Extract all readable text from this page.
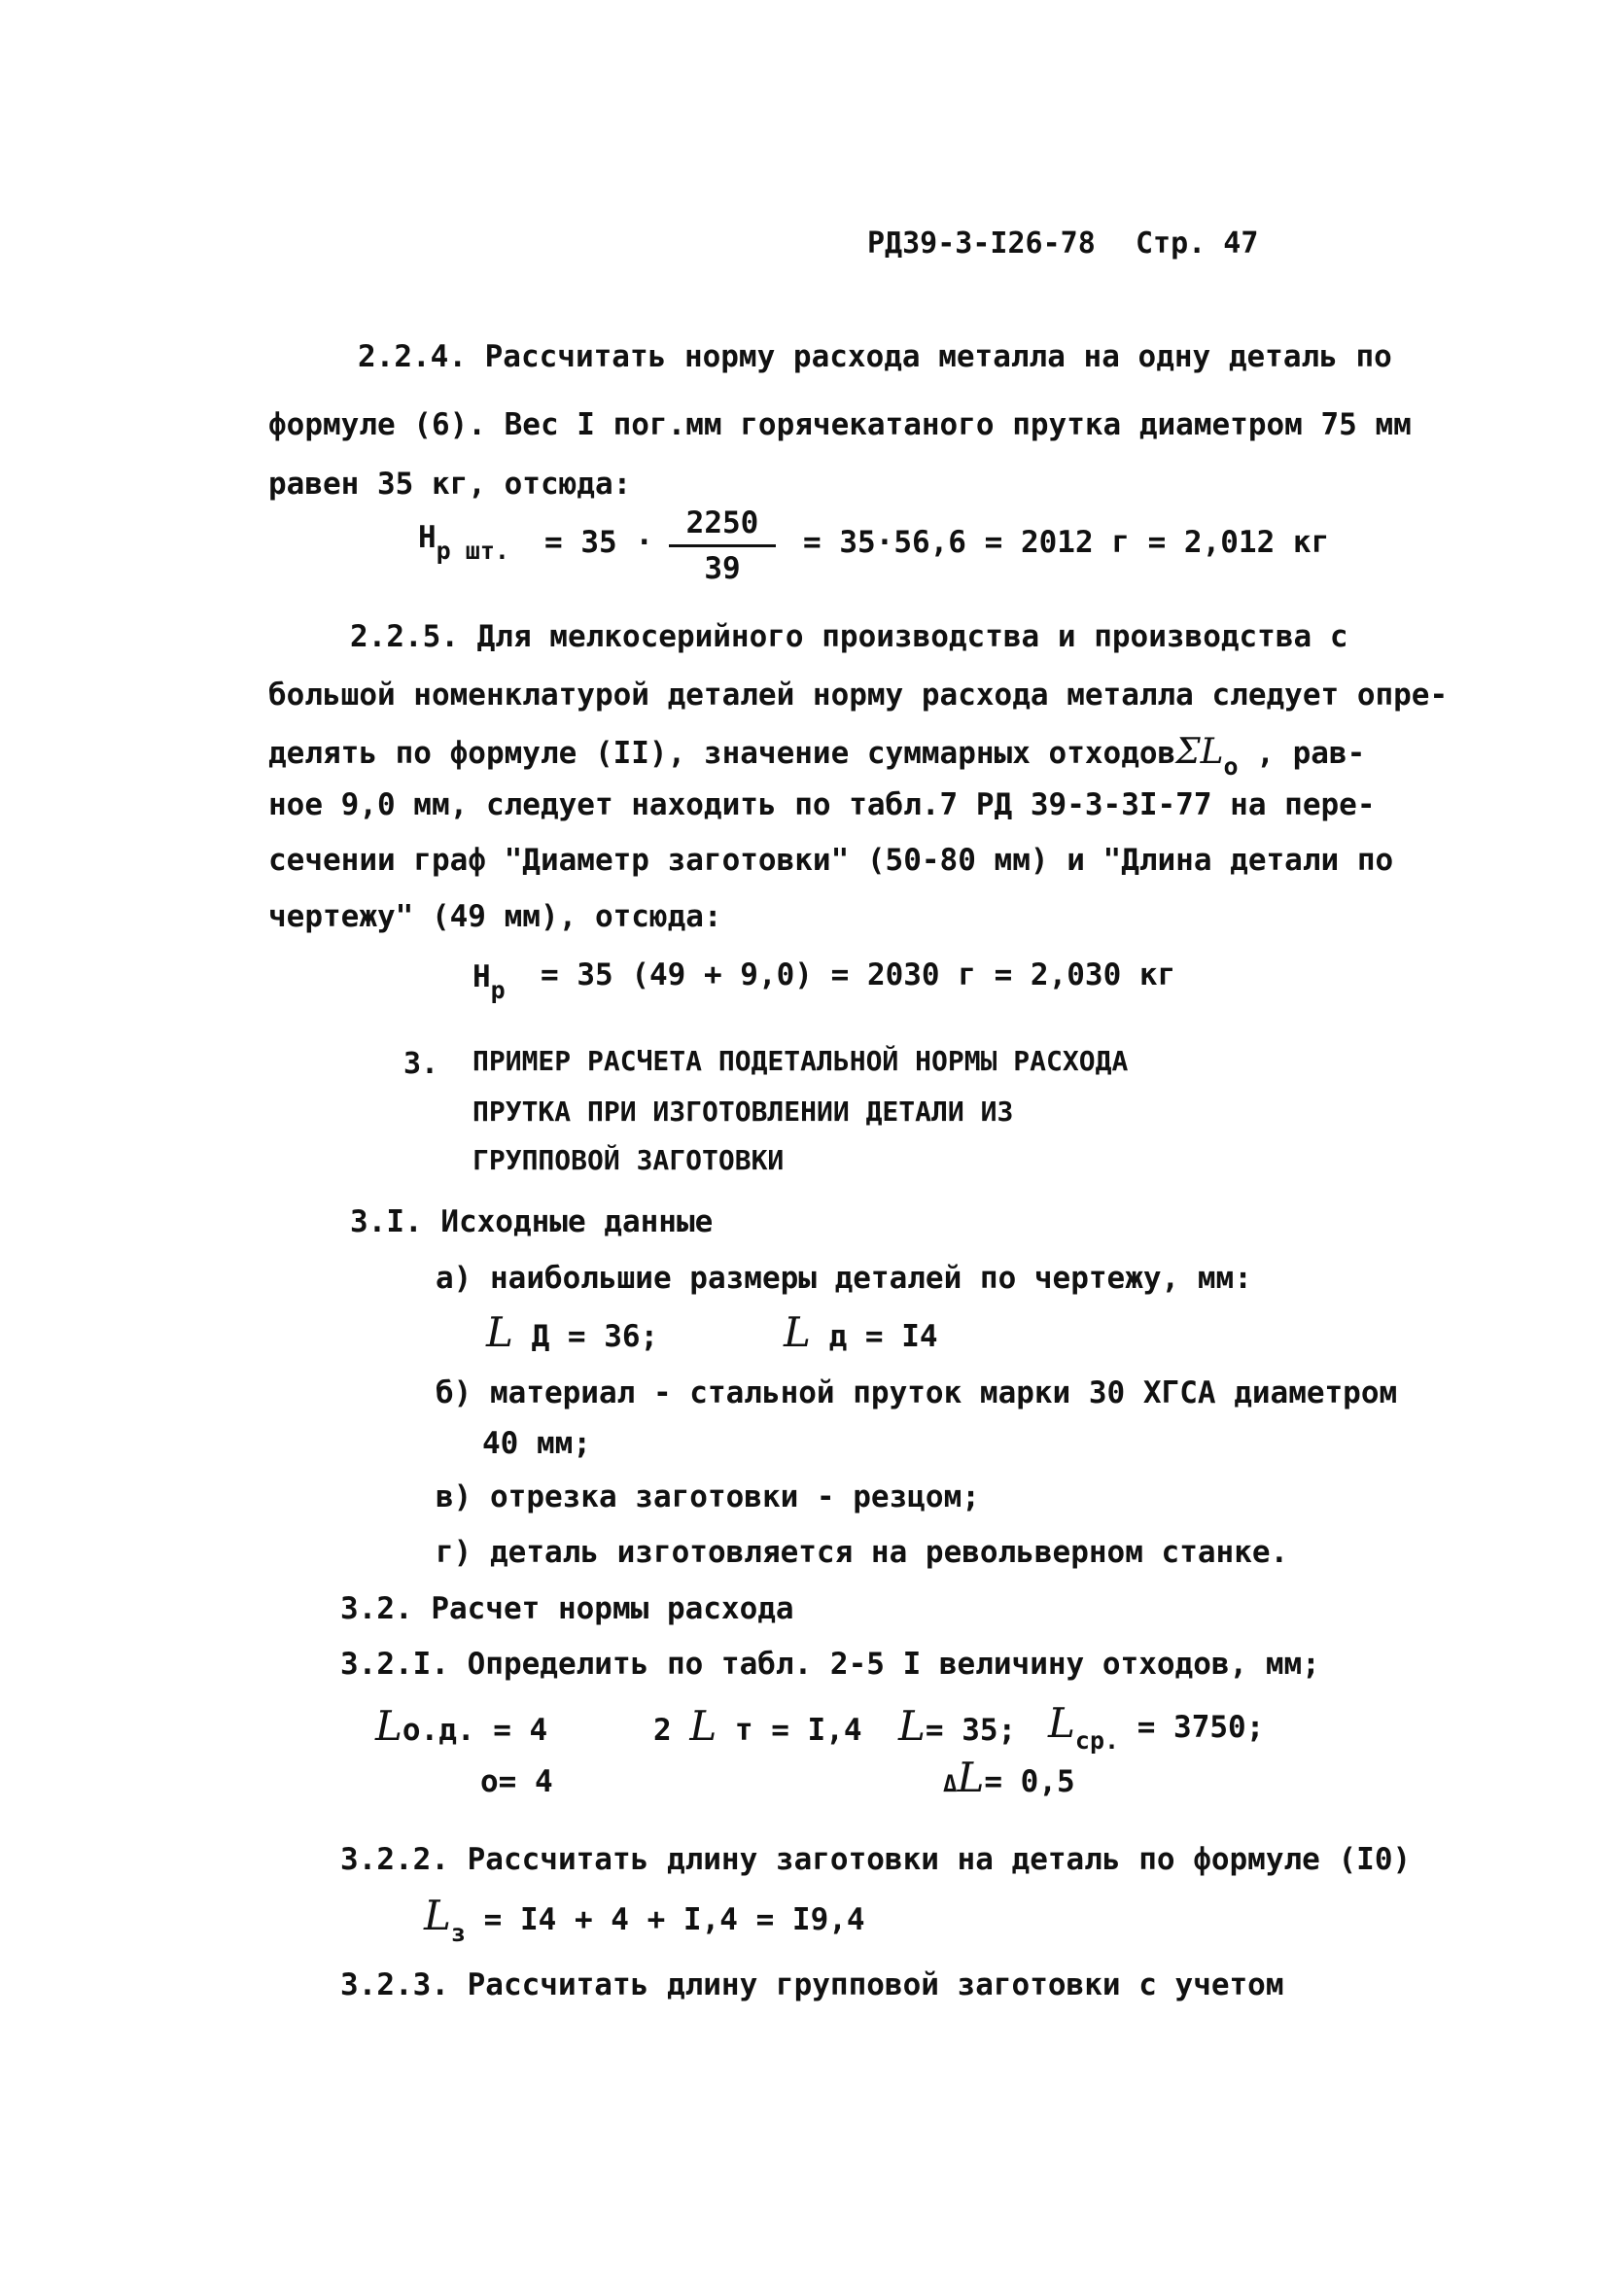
РД39-3-I26-78 Стр. 47
2.2.4. Рассчитать норму расхода металла на одну деталь по
формуле (6). Вес I пог.мм горячекатаного прутка диаметром 75 мм
равен 35 кг, отсюда:
$Н_{р шт.} = 35$ ·
2250
39
= 35·56,6 = 2012 г = 2,012 кг
2.2.5. Для мелкосерийного производства и производства с
большой номенклатурой деталей норму расхода металла следует опре-
делять по формуле (II), значение суммарных отходовΣL$_о$ , рав-
ное 9,0 мм, следует находить по табл.7 РД 39-3-3I-77 на пере-
сечении граф "Диаметр заготовки" (50-80 мм) и "Длина детали по
чертежу" (49 мм), отсюда:
$Н_р = 35$ (49 + 9,0) = 2030 г = 2,030 кг
3. ПРИМЕР РАСЧЕТА ПОДЕТАЛЬНОЙ НОРМЫ РАСХОДА
ПРУТКА ПРИ ИЗГОТОВЛЕНИИ ДЕТАЛИ ИЗ
ГРУППОВОЙ ЗАГОТОВКИ
3.I. Исходные данные
а) наибольшие размеры деталей по чертежу, мм:
L Д = 36;	L д = I4
б) материал - стальной пруток марки 30 ХГСА диаметром
40 мм;
в) отрезка заготовки - резцом;
г) деталь изготовляется на револьверном станке.
3.2. Расчет нормы расхода
3.2.I. Определить по табл. 2-5 I величину отходов, мм;
Lо.д. = 4	2 L т = I,4 L= 35; $L_{ср.} = 3750$;
о= 4	ΔL= 0,5
3.2.2. Рассчитать длину заготовки на деталь по формуле (I0)
$L_з = I4 + 4 + I,4 = I9,4$
3.2.3. Рассчитать длину групповой заготовки с учетом
